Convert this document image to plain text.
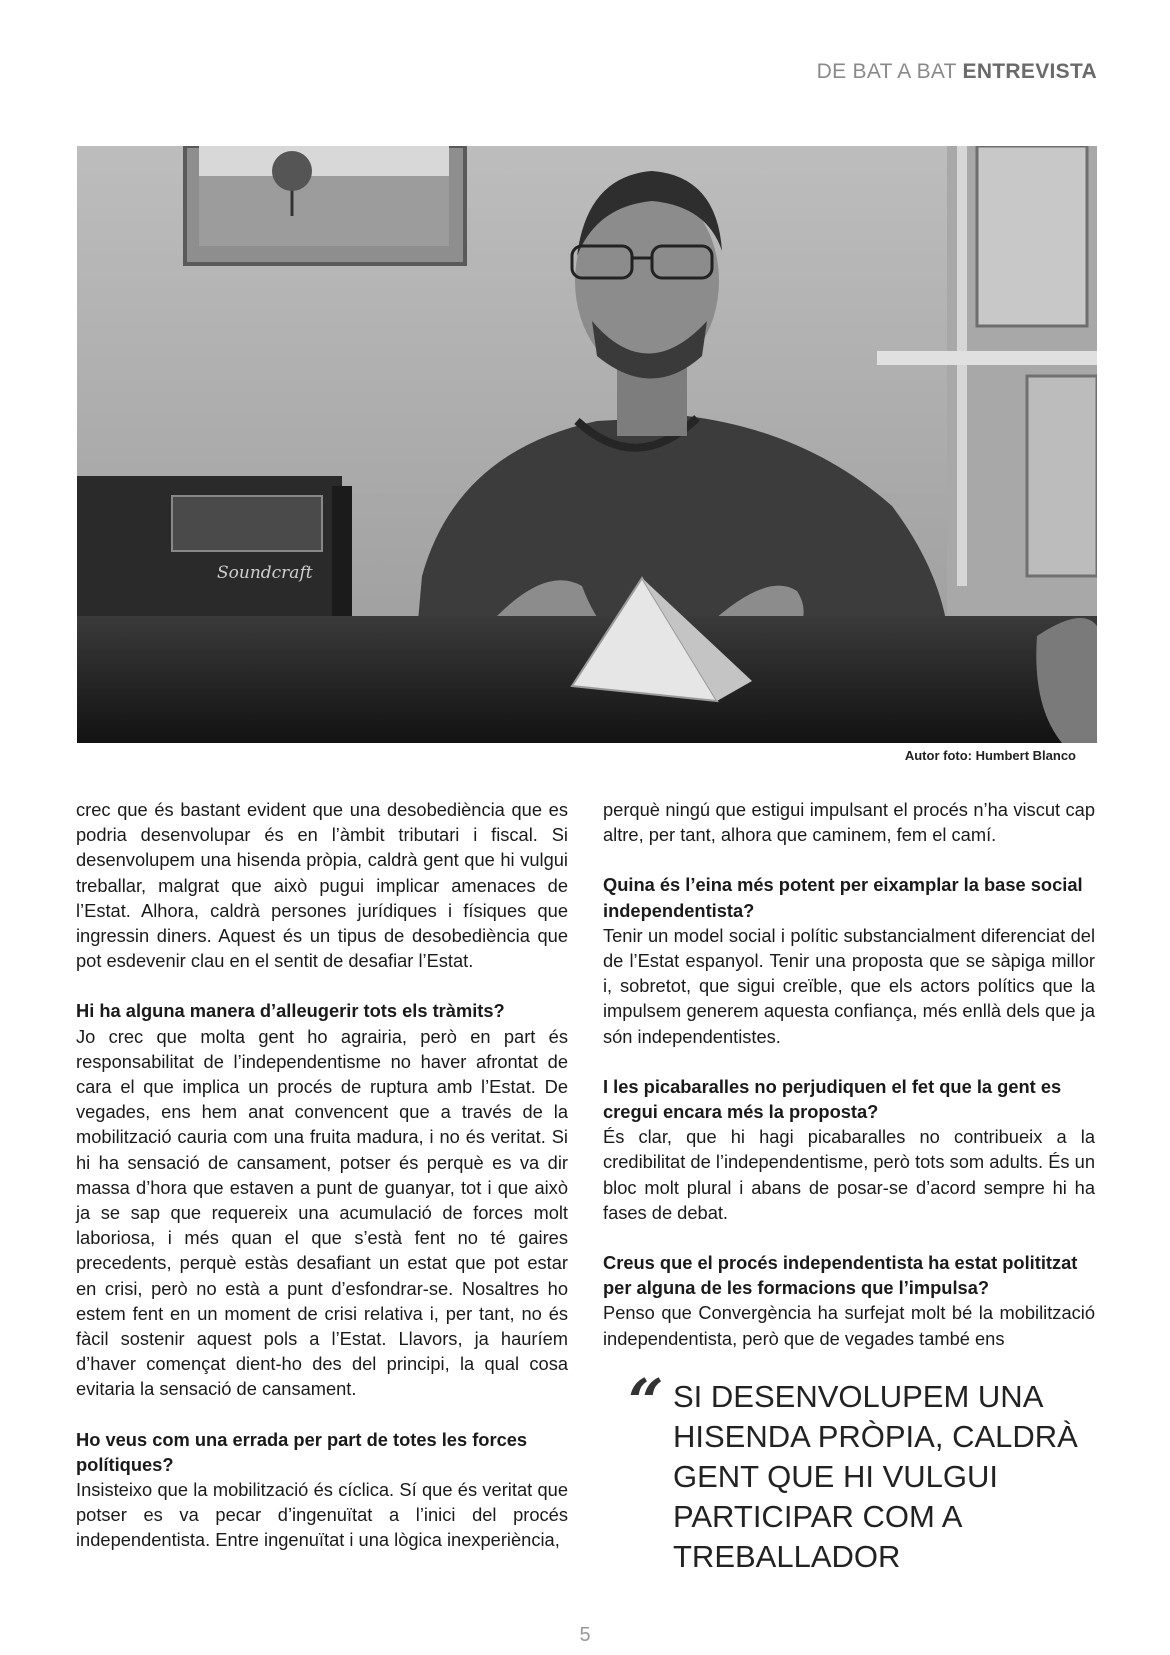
DE BAT A BAT ENTREVISTA
Soundcraft
Autor foto: Humbert Blanco

crec que és bastant evident que una desobediència que es podria desenvolupar és en l’àmbit tributari i fiscal. Si desenvolupem una hisenda pròpia, caldrà gent que hi vulgui treballar, malgrat que això pugui implicar amenaces de l’Estat. Alhora, caldrà persones jurídiques i físiques que ingressin diners. Aquest és un tipus de desobediència que pot esdevenir clau en el sentit de desafiar l’Estat.

Hi ha alguna manera d’alleugerir tots els tràmits?

Jo crec que molta gent ho agrairia, però en part és responsabilitat de l’independentisme no haver afrontat de cara el que implica un procés de ruptura amb l’Estat. De vegades, ens hem anat convencent que a través de la mobilització cauria com una fruita madura, i no és veritat. Si hi ha sensació de cansament, potser és perquè es va dir massa d’hora que estaven a punt de guanyar, tot i que això ja se sap que requereix una acumulació de forces molt laboriosa, i més quan el que s’està fent no té gaires precedents, perquè estàs desafiant un estat que pot estar en crisi, però no està a punt d’esfondrar-se. Nosaltres ho estem fent en un moment de crisi relativa i, per tant, no és fàcil sostenir aquest pols a l’Estat. Llavors, ja hauríem d’haver començat dient-ho des del principi, la qual cosa evitaria la sensació de cansament.

Ho veus com una errada per part de totes les forces polítiques?

Insisteixo que la mobilització és cíclica. Sí que és veritat que potser es va pecar d’ingenuïtat a l’inici del procés independentista. Entre ingenuïtat i una lògica inexperiència,

perquè ningú que estigui impulsant el procés n’ha viscut cap altre, per tant, alhora que caminem, fem el camí.

Quina és l’eina més potent per eixamplar la base social independentista?

Tenir un model social i polític substancialment diferenciat del de l’Estat espanyol. Tenir una proposta que se sàpiga millor i, sobretot, que sigui creïble, que els actors polítics que la impulsem generem aquesta confiança, més enllà dels que ja són independentistes.

I les picabaralles no perjudiquen el fet que la gent es cregui encara més la proposta?

És clar, que hi hagi picabaralles no contribueix a la credibilitat de l’independentisme, però tots som adults. És un bloc molt plural i abans de posar-se d’acord sempre hi ha fases de debat.

Creus que el procés independentista ha estat polititzat per alguna de les formacions que l’impulsa?

Penso que Convergència ha surfejat molt bé la mobilització independentista, però que de vegades també ens

“ SI DESENVOLUPEM UNA HISENDA PRÒPIA, CALDRÀ GENT QUE HI VULGUI PARTICIPAR COM A TREBALLADOR
5
